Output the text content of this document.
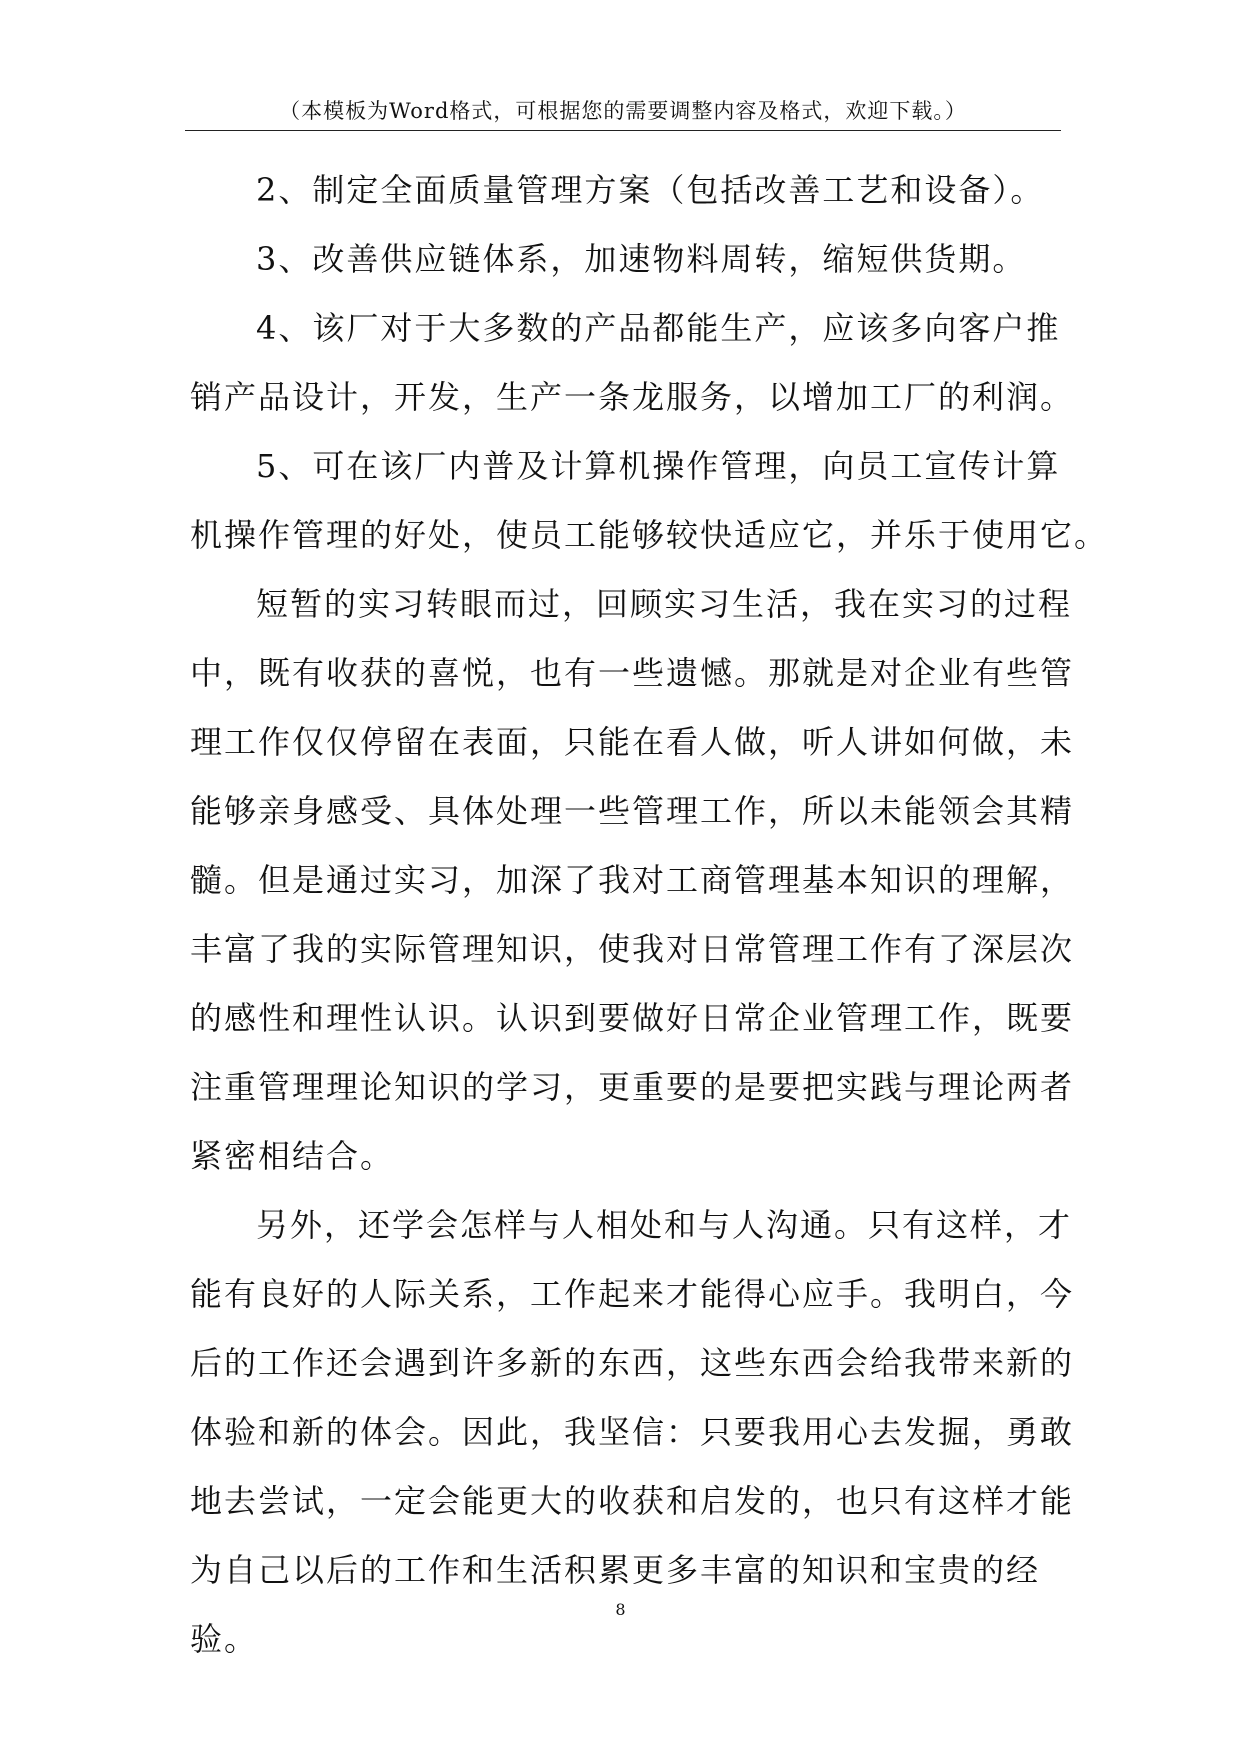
（本模板为Word格式，可根据您的需要调整内容及格式，欢迎下载。）

2、制定全面质量管理方案（包括改善工艺和设备）。

3、改善供应链体系，加速物料周转，缩短供货期。

4、该厂对于大多数的产品都能生产，应该多向客户推
销产品设计，开发，生产一条龙服务，以增加工厂的利润。

5、可在该厂内普及计算机操作管理，向员工宣传计算
机操作管理的好处，使员工能够较快适应它，并乐于使用它。

短暂的实习转眼而过，回顾实习生活，我在实习的过程
中，既有收获的喜悦，也有一些遗憾。那就是对企业有些管
理工作仅仅停留在表面，只能在看人做，听人讲如何做，未
能够亲身感受、具体处理一些管理工作，所以未能领会其精
髓。但是通过实习，加深了我对工商管理基本知识的理解，
丰富了我的实际管理知识，使我对日常管理工作有了深层次
的感性和理性认识。认识到要做好日常企业管理工作，既要
注重管理理论知识的学习，更重要的是要把实践与理论两者
紧密相结合。

另外，还学会怎样与人相处和与人沟通。只有这样，才
能有良好的人际关系，工作起来才能得心应手。我明白，今
后的工作还会遇到许多新的东西，这些东西会给我带来新的
体验和新的体会。因此，我坚信：只要我用心去发掘，勇敢
地去尝试，一定会能更大的收获和启发的，也只有这样才能
为自己以后的工作和生活积累更多丰富的知识和宝贵的经
验。

8
